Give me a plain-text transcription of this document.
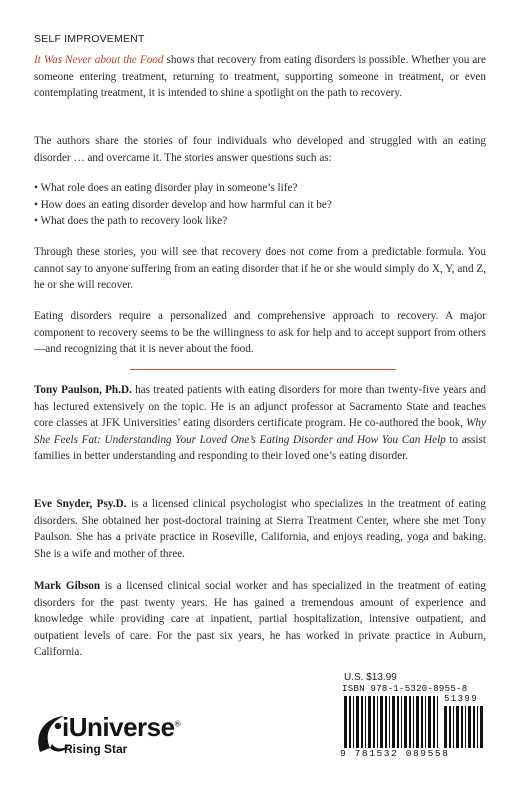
SELF IMPROVEMENT

It Was Never about the Food shows that recovery from eating disorders is possible. Whether you are someone entering treatment, returning to treatment, supporting someone in treatment, or even contemplating treatment, it is intended to shine a spotlight on the path to recovery.

The authors share the stories of four individuals who developed and struggled with an eating disorder … and overcame it. The stories answer questions such as:

• What role does an eating disorder play in someone’s life?
• How does an eating disorder develop and how harmful can it be?
• What does the path to recovery look like?

Through these stories, you will see that recovery does not come from a predictable formula. You cannot say to anyone suffering from an eating disorder that if he or she would simply do X, Y, and Z, he or she will recover.

Eating disorders require a personalized and comprehensive approach to recovery. A major component to recovery seems to be the willingness to ask for help and to accept support from others—and recognizing that it is never about the food.

Tony Paulson, Ph.D. has treated patients with eating disorders for more than twenty-five years and has lectured extensively on the topic. He is an adjunct professor at Sacramento State and teaches core classes at JFK Universities’ eating disorders certificate program. He co-authored the book, Why She Feels Fat: Understanding Your Loved One’s Eating Disorder and How You Can Help to assist families in better understanding and responding to their loved one’s eating disorder.

Eve Snyder, Psy.D. is a licensed clinical psychologist who specializes in the treatment of eating disorders. She obtained her post-doctoral training at Sierra Treatment Center, where she met Tony Paulson. She has a private practice in Roseville, California, and enjoys reading, yoga and baking. She is a wife and mother of three.

Mark Gibson is a licensed clinical social worker and has specialized in the treatment of eating disorders for the past twenty years. He has gained a tremendous amount of experience and knowledge while providing care at inpatient, partial hospitalization, intensive outpatient, and outpatient levels of care. For the past six years, he has worked in private practice in Auburn, California.

U.S. $13.99
ISBN 978-1-5320-8955-8
51399
9 781532 089558
iUniverse®
Rising Star
